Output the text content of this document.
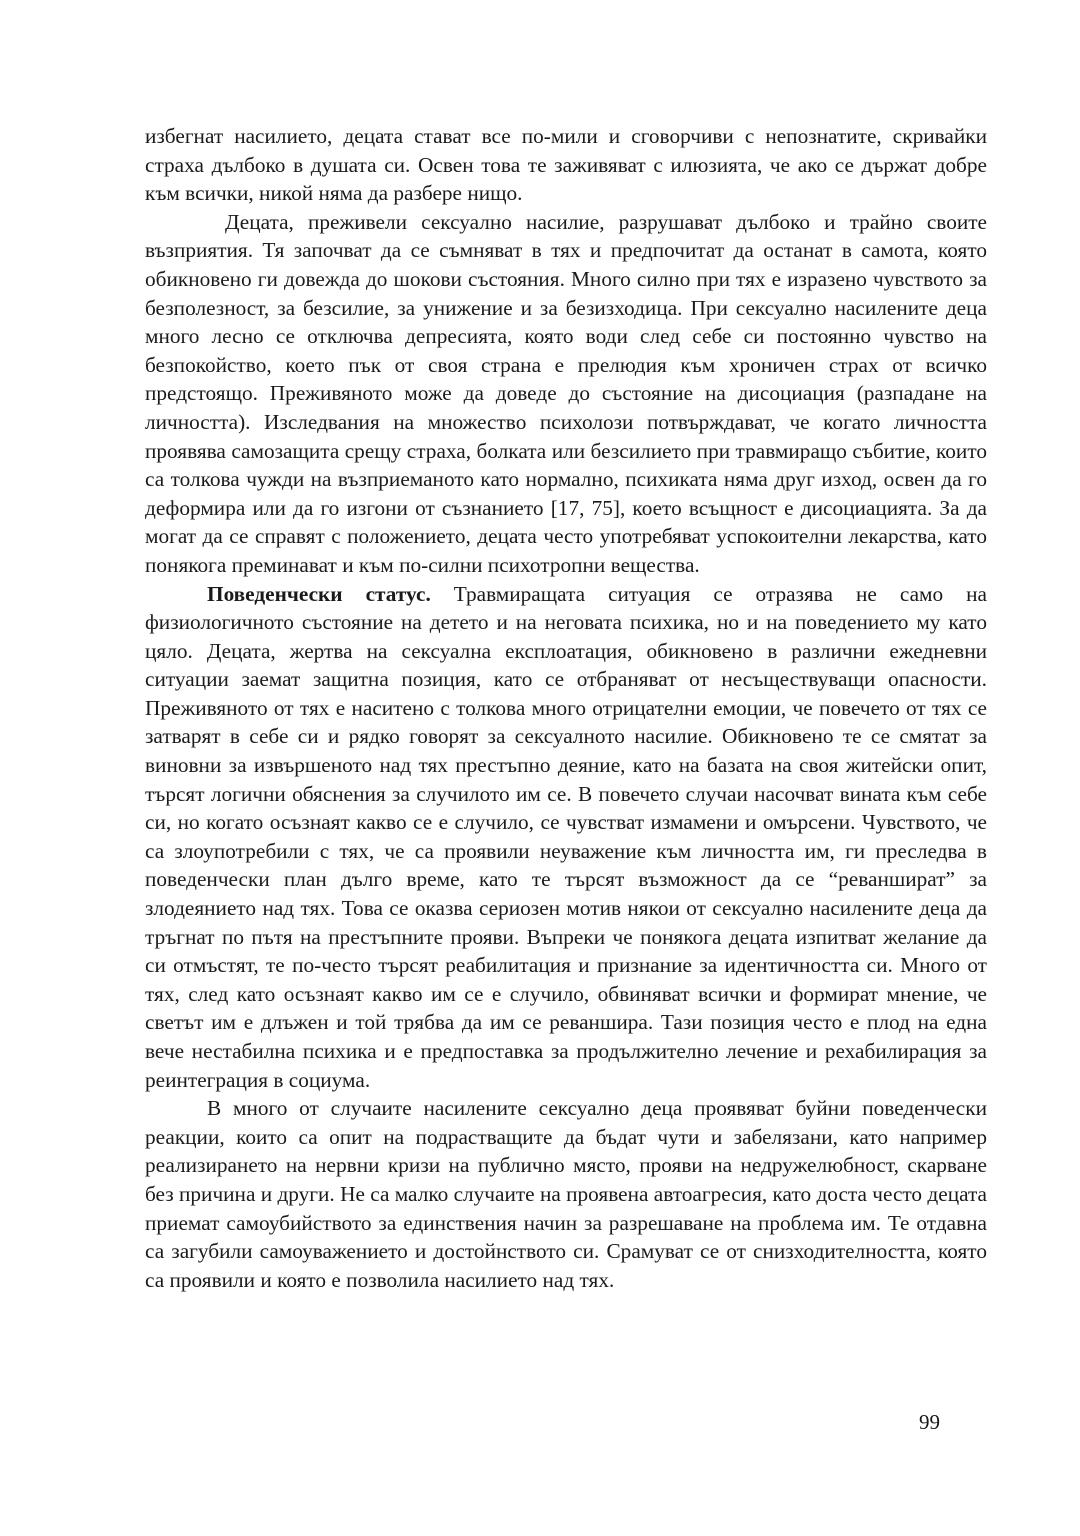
избегнат насилието, децата стават все по-мили и сговорчиви с непознатите, скривайки страха дълбоко в душата си. Освен това те заживяват с илюзията, че ако се държат добре към всички, никой няма да разбере нищо.

Децата, преживели сексуално насилие, разрушават дълбоко и трайно своите възприятия. Тя започват да се съмняват в тях и предпочитат да останат в самота, която обикновено ги довежда до шокови състояния. Много силно при тях е изразено чувството за безполезност, за безсилие, за унижение и за безизходица. При сексуално насилените деца много лесно се отключва депресията, която води след себе си постоянно чувство на безпокойство, което пък от своя страна е прелюдия към хроничен страх от всичко предстоящо. Преживяното може да доведе до състояние на дисоциация (разпадане на личността). Изследвания на множество психолози потвърждават, че когато личността проявява самозащита срещу страха, болката или безсилието при травмиращо събитие, които са толкова чужди на възприеманото като нормално, психиката няма друг изход, освен да го деформира или да го изгони от съзнанието [17, 75], което всъщност е дисоциацията. За да могат да се справят с положението, децата често употребяват успокоителни лекарства, като понякога преминават и към по-силни психотропни вещества.

Поведенчески статус. Травмиращата ситуация се отразява не само на физиологичното състояние на детето и на неговата психика, но и на поведението му като цяло. Децата, жертва на сексуална експлоатация, обикновено в различни ежедневни ситуации заемат защитна позиция, като се отбраняват от несъществуващи опасности. Преживяното от тях е наситено с толкова много отрицателни емоции, че повечето от тях се затварят в себе си и рядко говорят за сексуалното насилие. Обикновено те се смятат за виновни за извършеното над тях престъпно деяние, като на базата на своя житейски опит, търсят логични обяснения за случилото им се. В повечето случаи насочват вината към себе си, но когато осъзнаят какво се е случило, се чувстват измамени и омърсени. Чувството, че са злоупотребили с тях, че са проявили неуважение към личността им, ги преследва в поведенчески план дълго време, като те търсят възможност да се “реваншират” за злодеянието над тях. Това се оказва сериозен мотив някои от сексуално насилените деца да тръгнат по пътя на престъпните прояви. Въпреки че понякога децата изпитват желание да си отмъстят, те по-често търсят реабилитация и признание за идентичността си. Много от тях, след като осъзнаят какво им се е случило, обвиняват всички и формират мнение, че светът им е длъжен и той трябва да им се реваншира. Тази позиция често е плод на една вече нестабилна психика и е предпоставка за продължително лечение и рехабилирация за реинтеграция в социума.

В много от случаите насилените сексуално деца проявяват буйни поведенчески реакции, които са опит на подрастващите да бъдат чути и забелязани, като например реализирането на нервни кризи на публично място, прояви на недружелюбност, скарване без причина и други. Не са малко случаите на проявена автоагресия, като доста често децата приемат самоубийството за единствения начин за разрешаване на проблема им. Те отдавна са загубили самоуважението и достойнството си. Срамуват се от снизходителността, която са проявили и която е позволила насилието над тях.

99
